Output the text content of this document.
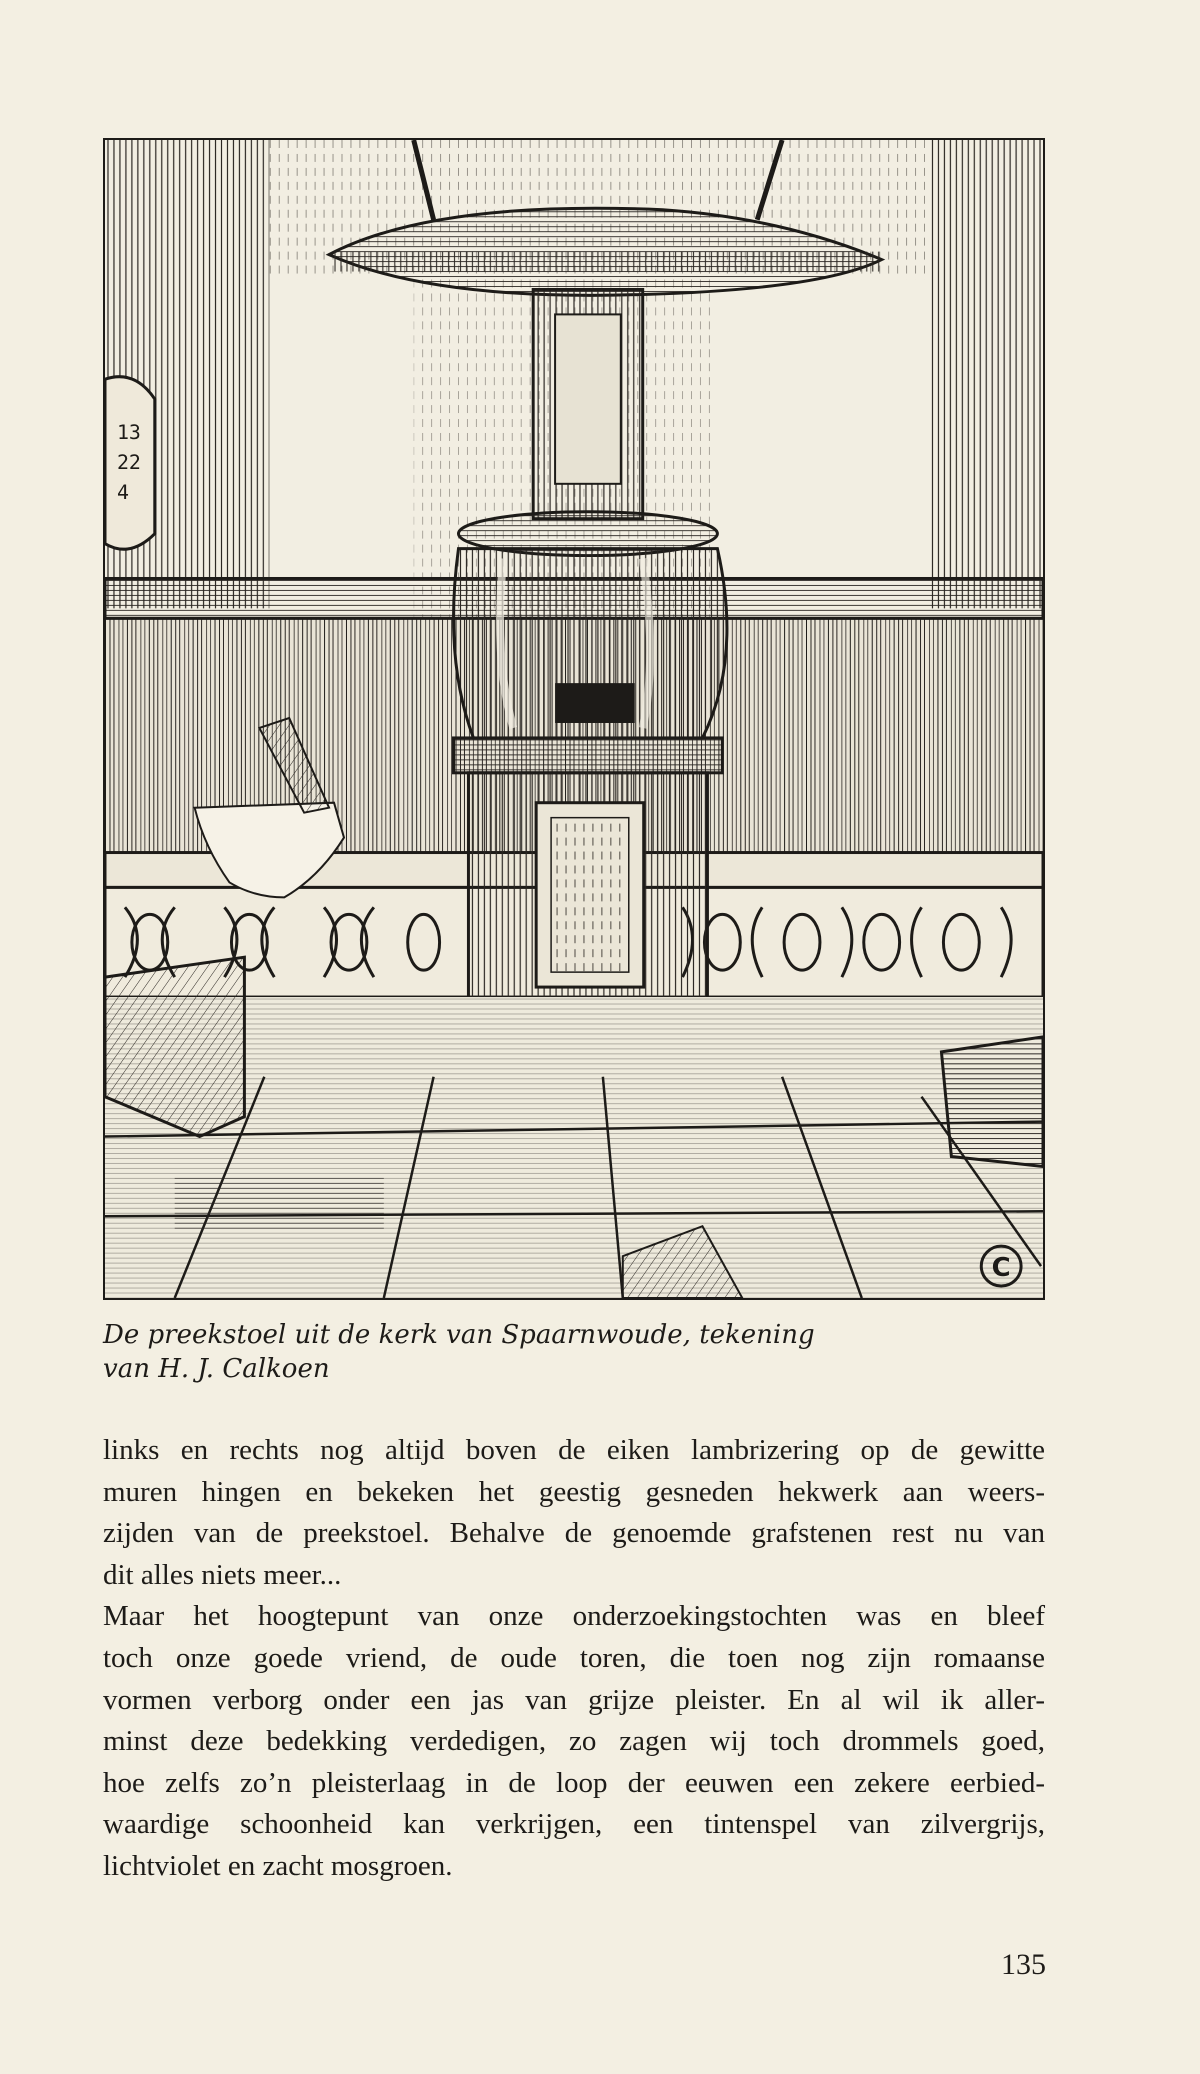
13
22
4
C

De preekstoel uit de kerk van Spaarnwoude, tekening
van H. J. Calkoen

links en rechts nog altijd boven de eiken lambrizering op de gewitte
muren hingen en bekeken het geestig gesneden hekwerk aan weers-
zijden van de preekstoel. Behalve de genoemde grafstenen rest nu van
dit alles niets meer...
Maar het hoogtepunt van onze onderzoekingstochten was en bleef
toch onze goede vriend, de oude toren, die toen nog zijn romaanse
vormen verborg onder een jas van grijze pleister. En al wil ik aller-
minst deze bedekking verdedigen, zo zagen wij toch drommels goed,
hoe zelfs zo’n pleisterlaag in de loop der eeuwen een zekere eerbied-
waardige schoonheid kan verkrijgen, een tintenspel van zilvergrijs,
lichtviolet en zacht mosgroen.
135
